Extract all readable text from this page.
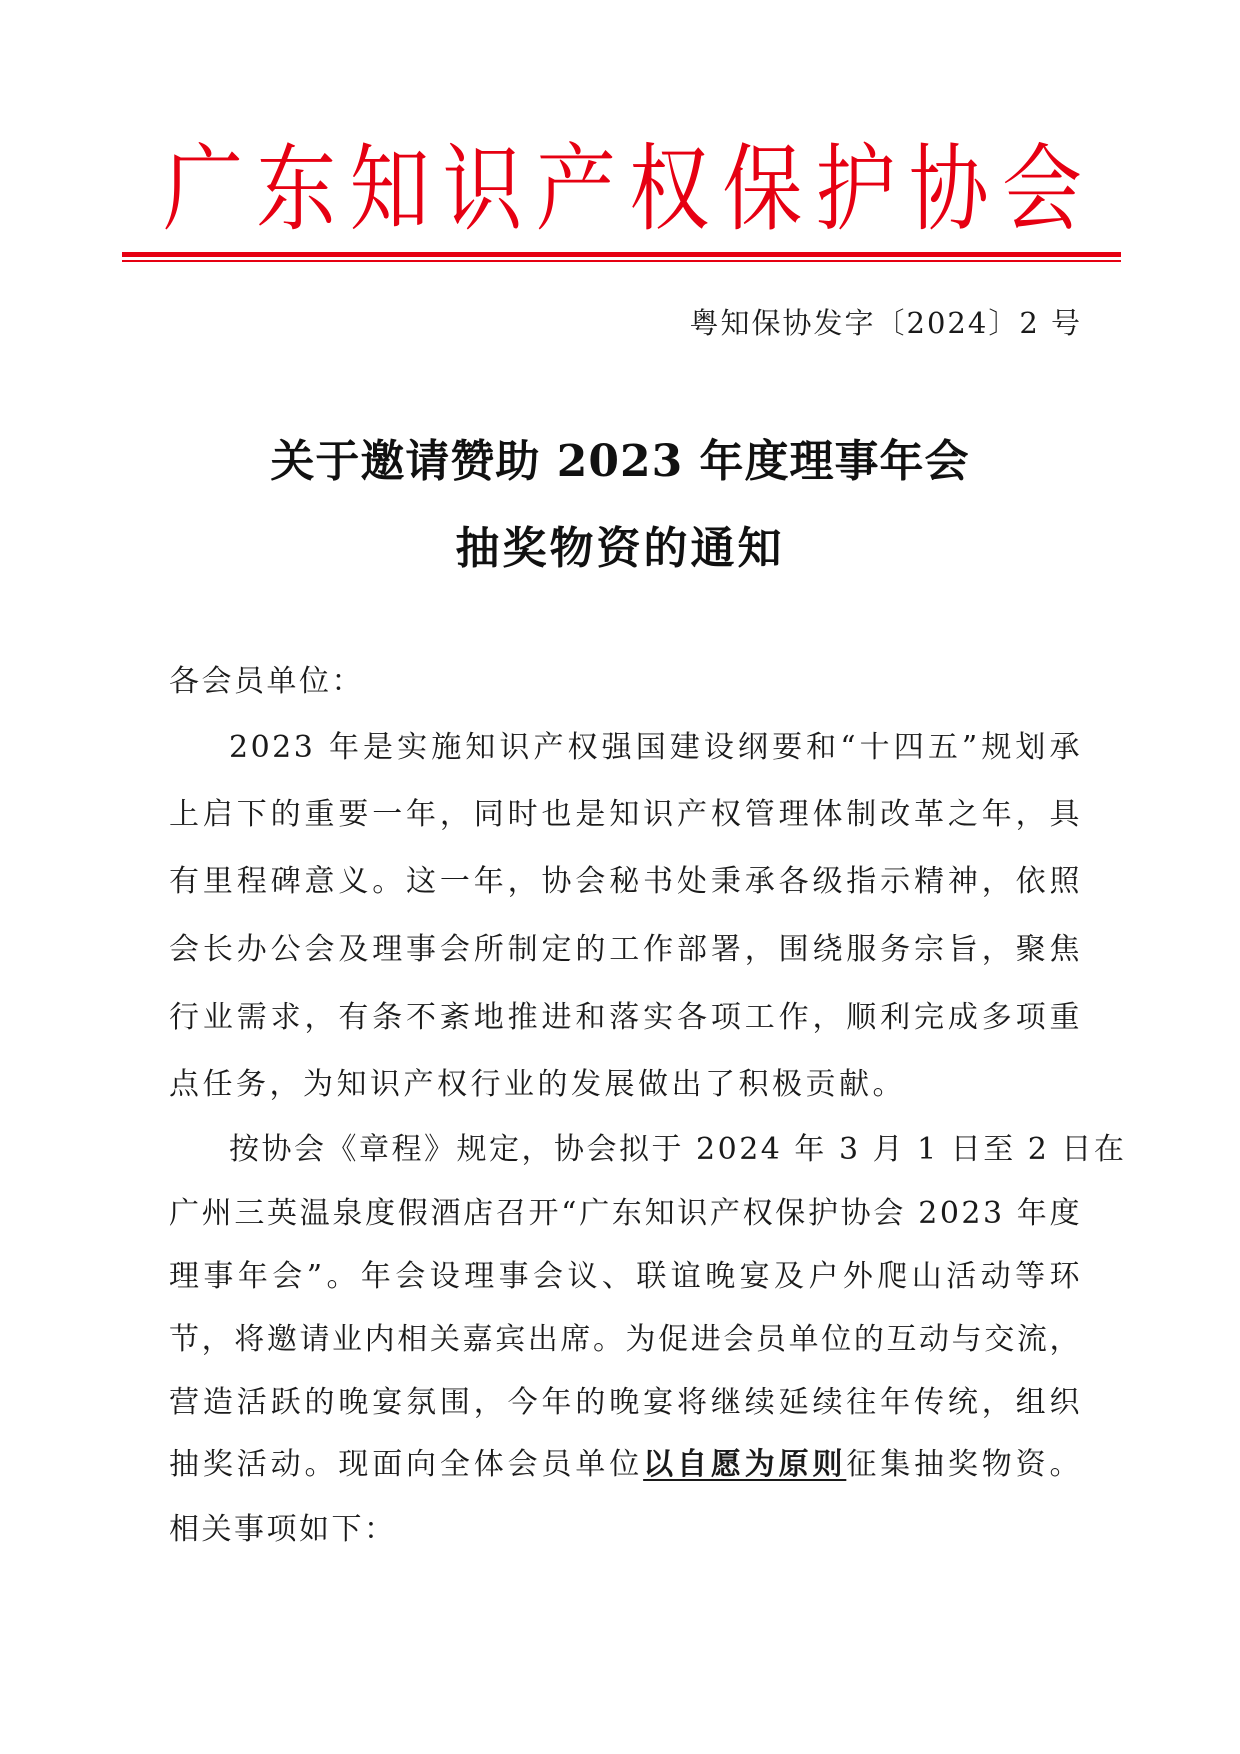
广东知识产权保护协会
粤知保协发字〔2024〕2 号
关于邀请赞助 2023 年度理事年会
抽奖物资的通知
各会员单位：
2023 年是实施知识产权强国建设纲要和“十四五”规划承
上启下的重要一年，同时也是知识产权管理体制改革之年，具
有里程碑意义。这一年，协会秘书处秉承各级指示精神，依照
会长办公会及理事会所制定的工作部署，围绕服务宗旨，聚焦
行业需求，有条不紊地推进和落实各项工作，顺利完成多项重
点任务，为知识产权行业的发展做出了积极贡献。
按协会《章程》规定，协会拟于 2024 年 3 月 1 日至 2 日在
广州三英温泉度假酒店召开“广东知识产权保护协会 2023 年度
理事年会”。年会设理事会议、联谊晚宴及户外爬山活动等环
节，将邀请业内相关嘉宾出席。为促进会员单位的互动与交流，
营造活跃的晚宴氛围，今年的晚宴将继续延续往年传统，组织
抽奖活动。现面向全体会员单位以自愿为原则征集抽奖物资。
相关事项如下：
